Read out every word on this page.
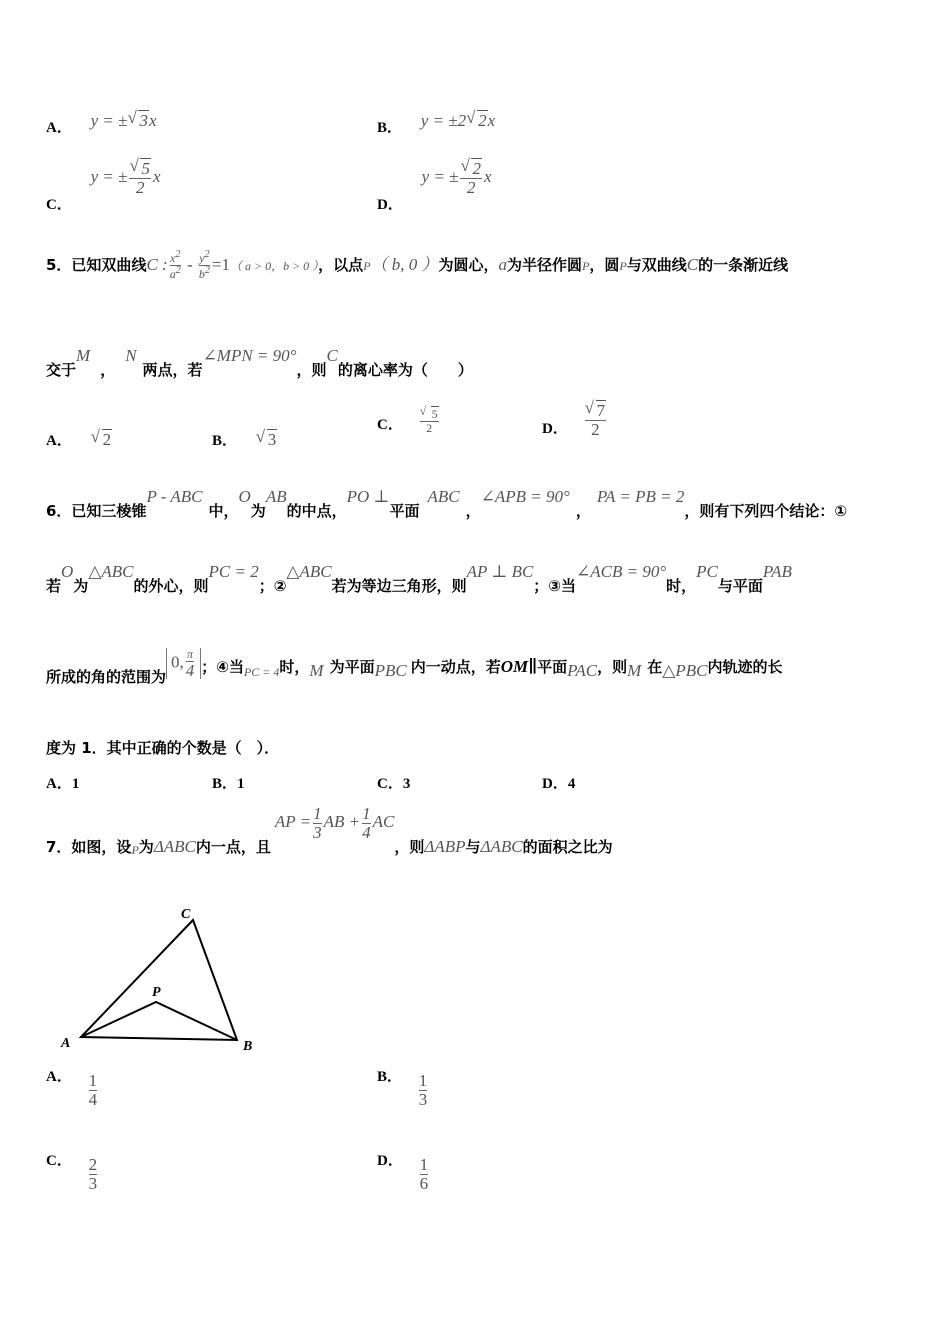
A． y = ± √ 3x	B． y = ±2 √ 2x
C． y = ± √ $\frac{5}{2}$ x
D． y = ± √ $\frac{2}{2}$ x
5．已知双曲线C : $\frac{x^2}{a^2} - \frac{y^2}{b^2} =1$（ a > 0，b > 0 ），以点P（ b, 0 ）为圆心，a为半径作圆P，圆P与双曲线C的一条渐近线
交于M，N两点，若∠MPN = 90°，则C的离心率为（　　）
A． √ 2	B． √ 3
C． √ $\frac{5}{2}$	D． √ $\frac{7}{2}$
6．已知三棱锥P - ABC中，O为AB的中点，PO ⊥平面ABC，∠APB = 90°，PA = PB = 2，则有下列四个结论：①
若O为△ABC的外心，则PC = 2；②△ABC若为等边三角形，则AP ⊥ BC；③当∠ACB = 90°时，PC与平面PAB
所成的角的范围为0, $\frac{\pi}{4}$ ；④当$_{PC = 4}$时，M 为平面PBC 内一动点，若OM∥平面PAC，则M 在△PBC内轨迹的长
度为 1．其中正确的个数是（　）．
A．1	B．1	C．3	D．4
7．如图，设$_P$为ΔABC内一点，且AP = $\frac{1}{3}$ AB + $\frac{1}{4}$ AC，则ΔABP与ΔABC的面积之比为
C
P
A	B
A． $\frac{1}{4}$	B． $\frac{1}{3}$
C． $\frac{2}{3}$	D． $\frac{1}{6}$
